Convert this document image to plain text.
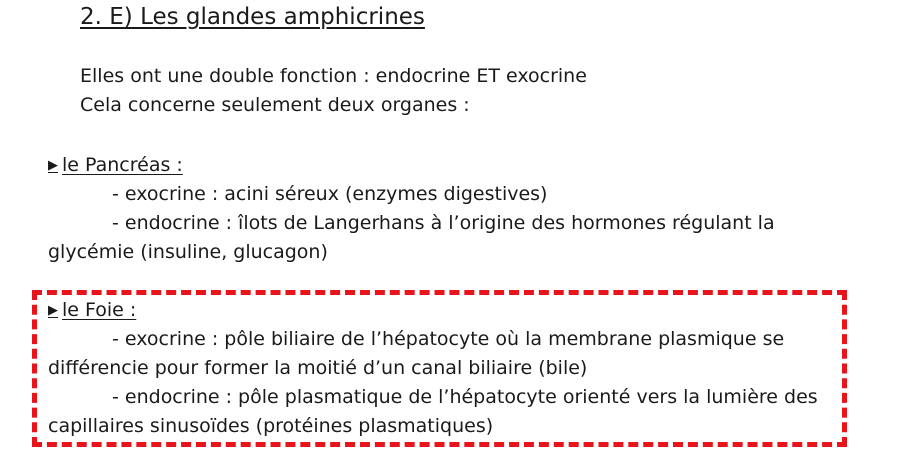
2. E) Les glandes amphicrines
Elles ont une double fonction : endocrine ET exocrine
Cela concerne seulement deux organes :
▶ le Pancréas :
- exocrine : acini séreux (enzymes digestives)
- endocrine : îlots de Langerhans à l’origine des hormones régulant la
glycémie (insuline, glucagon)
▶ le Foie :
- exocrine : pôle biliaire de l’hépatocyte où la membrane plasmique se
différencie pour former la moitié d’un canal biliaire (bile)
- endocrine : pôle plasmatique de l’hépatocyte orienté vers la lumière des
capillaires sinusoïdes (protéines plasmatiques)
